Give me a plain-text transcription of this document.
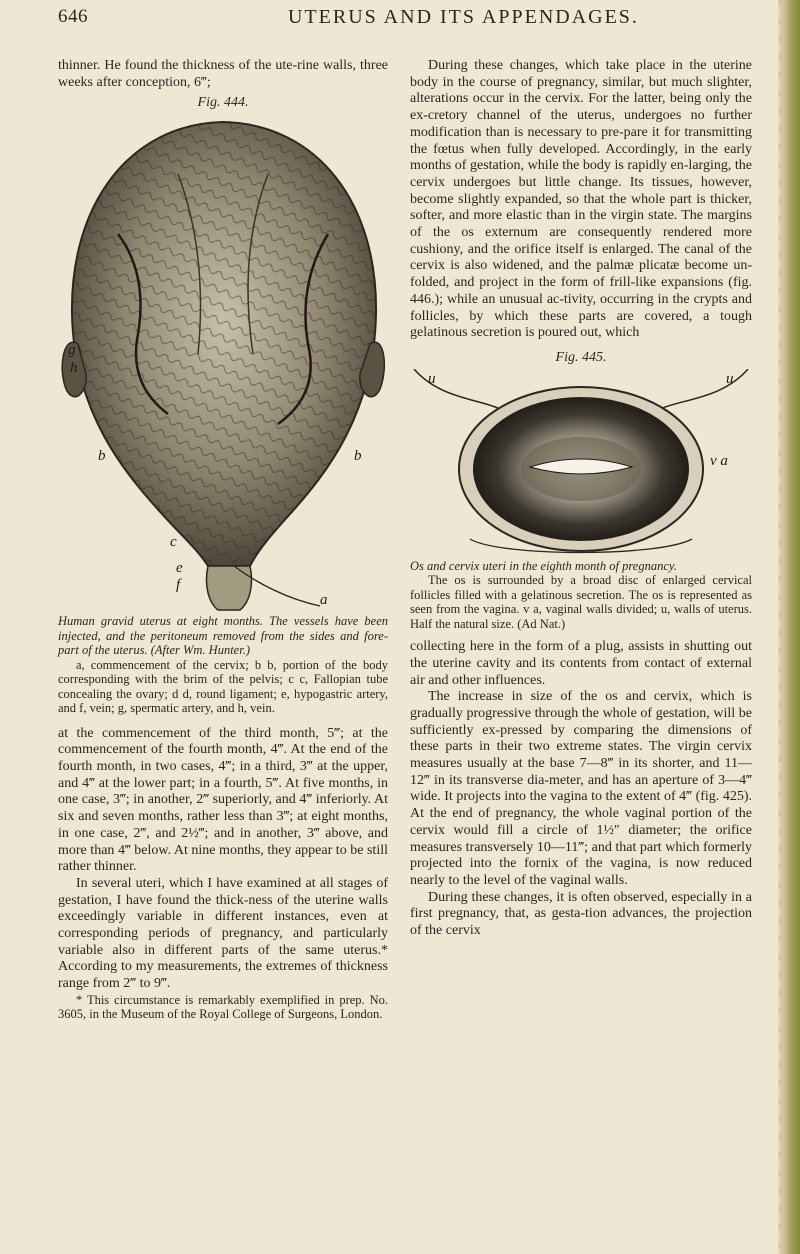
646	UTERUS AND ITS APPENDAGES.

thinner. He found the thickness of the ute-rine walls, three weeks after conception, 6‴;

Fig. 444.
g
h
b	b
c
e
f
a

Human gravid uterus at eight months. The vessels have been injected, and the peritoneum removed from the sides and fore-part of the uterus. (After Wm. Hunter.)

a, commencement of the cervix; b b, portion of the body corresponding with the brim of the pelvis; c c, Fallopian tube concealing the ovary; d d, round ligament; e, hypogastric artery, and f, vein; g, spermatic artery, and h, vein.

at the commencement of the third month, 5‴; at the commencement of the fourth month, 4‴. At the end of the fourth month, in two cases, 4‴; in a third, 3‴ at the upper, and 4‴ at the lower part; in a fourth, 5‴. At five months, in one case, 3‴; in another, 2‴ superiorly, and 4‴ inferiorly. At six and seven months, rather less than 3‴; at eight months, in one case, 2‴, and 2½‴; and in another, 3‴ above, and more than 4‴ below. At nine months, they appear to be still rather thinner.

In several uteri, which I have examined at all stages of gestation, I have found the thick-ness of the uterine walls exceedingly variable in different instances, even at corresponding periods of pregnancy, and particularly variable also in different parts of the same uterus.* According to my measurements, the extremes of thickness range from 2‴ to 9‴.

* This circumstance is remarkably exemplified in prep. No. 3605, in the Museum of the Royal College of Surgeons, London.

During these changes, which take place in the uterine body in the course of pregnancy, similar, but much slighter, alterations occur in the cervix. For the latter, being only the ex-cretory channel of the uterus, undergoes no further modification than is necessary to pre-pare it for transmitting the fœtus when fully developed. Accordingly, in the early months of gestation, while the body is rapidly en-larging, the cervix undergoes but little change. Its tissues, however, become slightly expanded, so that the whole part is thicker, softer, and more elastic than in the virgin state. The margins of the os externum are consequently rendered more cushiony, and the orifice itself is enlarged. The canal of the cervix is also widened, and the palmæ plicatæ become un-folded, and project in the form of frill-like expansions (fig. 446.); while an unusual ac-tivity, occurring in the crypts and follicles, by which these parts are covered, a tough gelatinous secretion is poured out, which

Fig. 445.
u	u
v a

Os and cervix uteri in the eighth month of pregnancy.

The os is surrounded by a broad disc of enlarged cervical follicles filled with a gelatinous secretion. The os is represented as seen from the vagina. v a, vaginal walls divided; u, walls of uterus. Half the natural size. (Ad Nat.)

collecting here in the form of a plug, assists in shutting out the uterine cavity and its contents from contact of external air and other influences.

The increase in size of the os and cervix, which is gradually progressive through the whole of gestation, will be sufficiently ex-pressed by comparing the dimensions of these parts in their two extreme states. The virgin cervix measures usually at the base 7—8‴ in its shorter, and 11—12‴ in its transverse dia-meter, and has an aperture of 3—4‴ wide. It projects into the vagina to the extent of 4‴ (fig. 425). At the end of pregnancy, the whole vaginal portion of the cervix would fill a circle of 1½″ diameter; the orifice measures transversely 10—11‴; and that part which formerly projected into the fornix of the vagina, is now reduced nearly to the level of the vaginal walls.

During these changes, it is often observed, especially in a first pregnancy, that, as gesta-tion advances, the projection of the cervix
